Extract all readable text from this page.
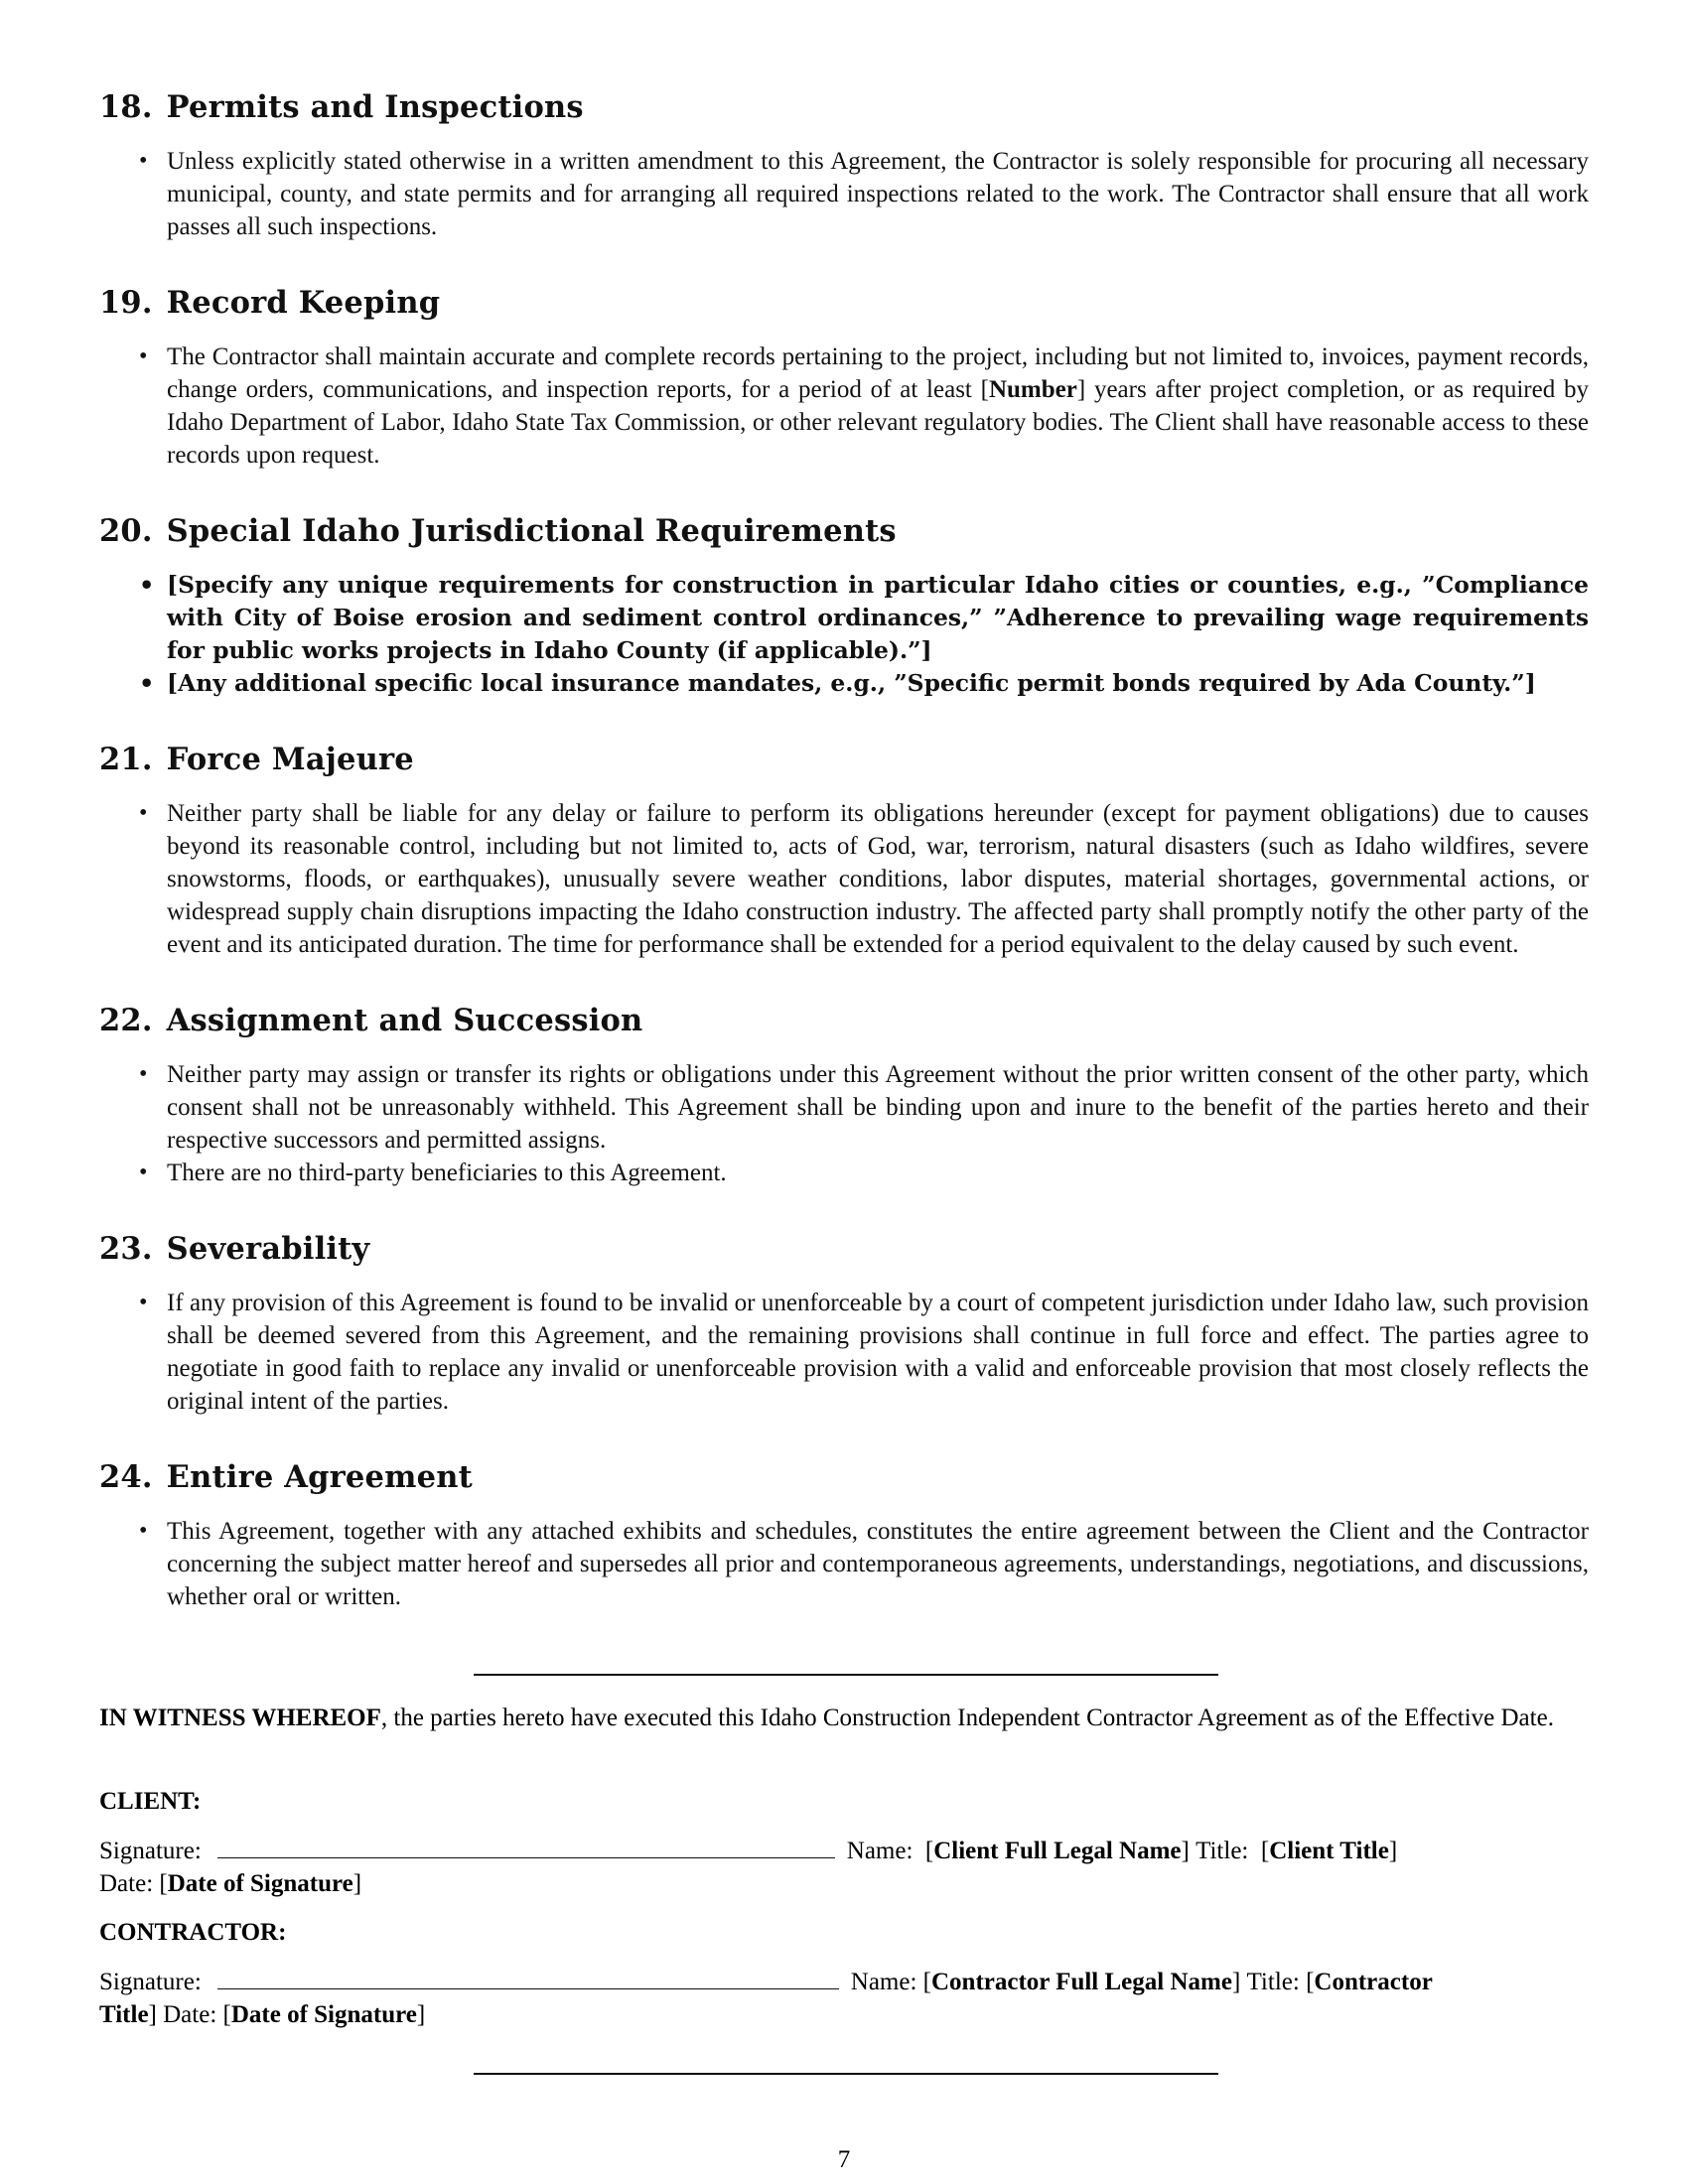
18. Permits and Inspections
• Unless explicitly stated otherwise in a written amendment to this Agreement, the Contractor is solely responsible for procuring all necessary municipal, county, and state permits and for arranging all required inspections related to the work. The Contractor shall ensure that all work passes all such inspections.
19. Record Keeping
• The Contractor shall maintain accurate and complete records pertaining to the project, including but not limited to, invoices, payment records, change orders, communications, and inspection reports, for a period of at least [Number] years after project completion, or as required by Idaho Department of Labor, Idaho State Tax Commission, or other relevant regulatory bodies. The Client shall have reasonable access to these records upon request.
20. Special Idaho Jurisdictional Requirements
• [Specify any unique requirements for construction in particular Idaho cities or counties, e.g., ”Compliance with City of Boise erosion and sediment control ordinances,” ”Adherence to prevailing wage requirements for public works projects in Idaho County (if applicable).”]
• [Any additional specific local insurance mandates, e.g., ”Specific permit bonds required by Ada County.”]
21. Force Majeure
• Neither party shall be liable for any delay or failure to perform its obligations hereunder (except for payment obligations) due to causes beyond its reasonable control, including but not limited to, acts of God, war, terrorism, natural disasters (such as Idaho wildfires, severe snowstorms, floods, or earthquakes), unusually severe weather conditions, labor disputes, material shortages, governmental actions, or widespread supply chain disruptions impacting the Idaho construction industry. The affected party shall promptly notify the other party of the event and its anticipated duration. The time for performance shall be extended for a period equivalent to the delay caused by such event.
22. Assignment and Succession
• Neither party may assign or transfer its rights or obligations under this Agreement without the prior written consent of the other party, which consent shall not be unreasonably withheld. This Agreement shall be binding upon and inure to the benefit of the parties hereto and their respective successors and permitted assigns.
• There are no third-party beneficiaries to this Agreement.
23. Severability
• If any provision of this Agreement is found to be invalid or unenforceable by a court of competent jurisdiction under Idaho law, such provision shall be deemed severed from this Agreement, and the remaining provisions shall continue in full force and effect. The parties agree to negotiate in good faith to replace any invalid or unenforceable provision with a valid and enforceable provision that most closely reflects the original intent of the parties.
24. Entire Agreement
• This Agreement, together with any attached exhibits and schedules, constitutes the entire agreement between the Client and the Contractor concerning the subject matter hereof and supersedes all prior and contemporaneous agreements, understandings, negotiations, and discussions, whether oral or written.
IN WITNESS WHEREOF, the parties hereto have executed this Idaho Construction Independent Contractor Agreement as of the Effective Date.
CLIENT:
Signature:	Name: [ Client Full Legal Name ] Title: [ Client Title ]
Date: [Date of Signature]
CONTRACTOR:
Signature:	Name: [ Contractor Full Legal Name ] Title: [ Contractor
Title] Date: [Date of Signature]
7
